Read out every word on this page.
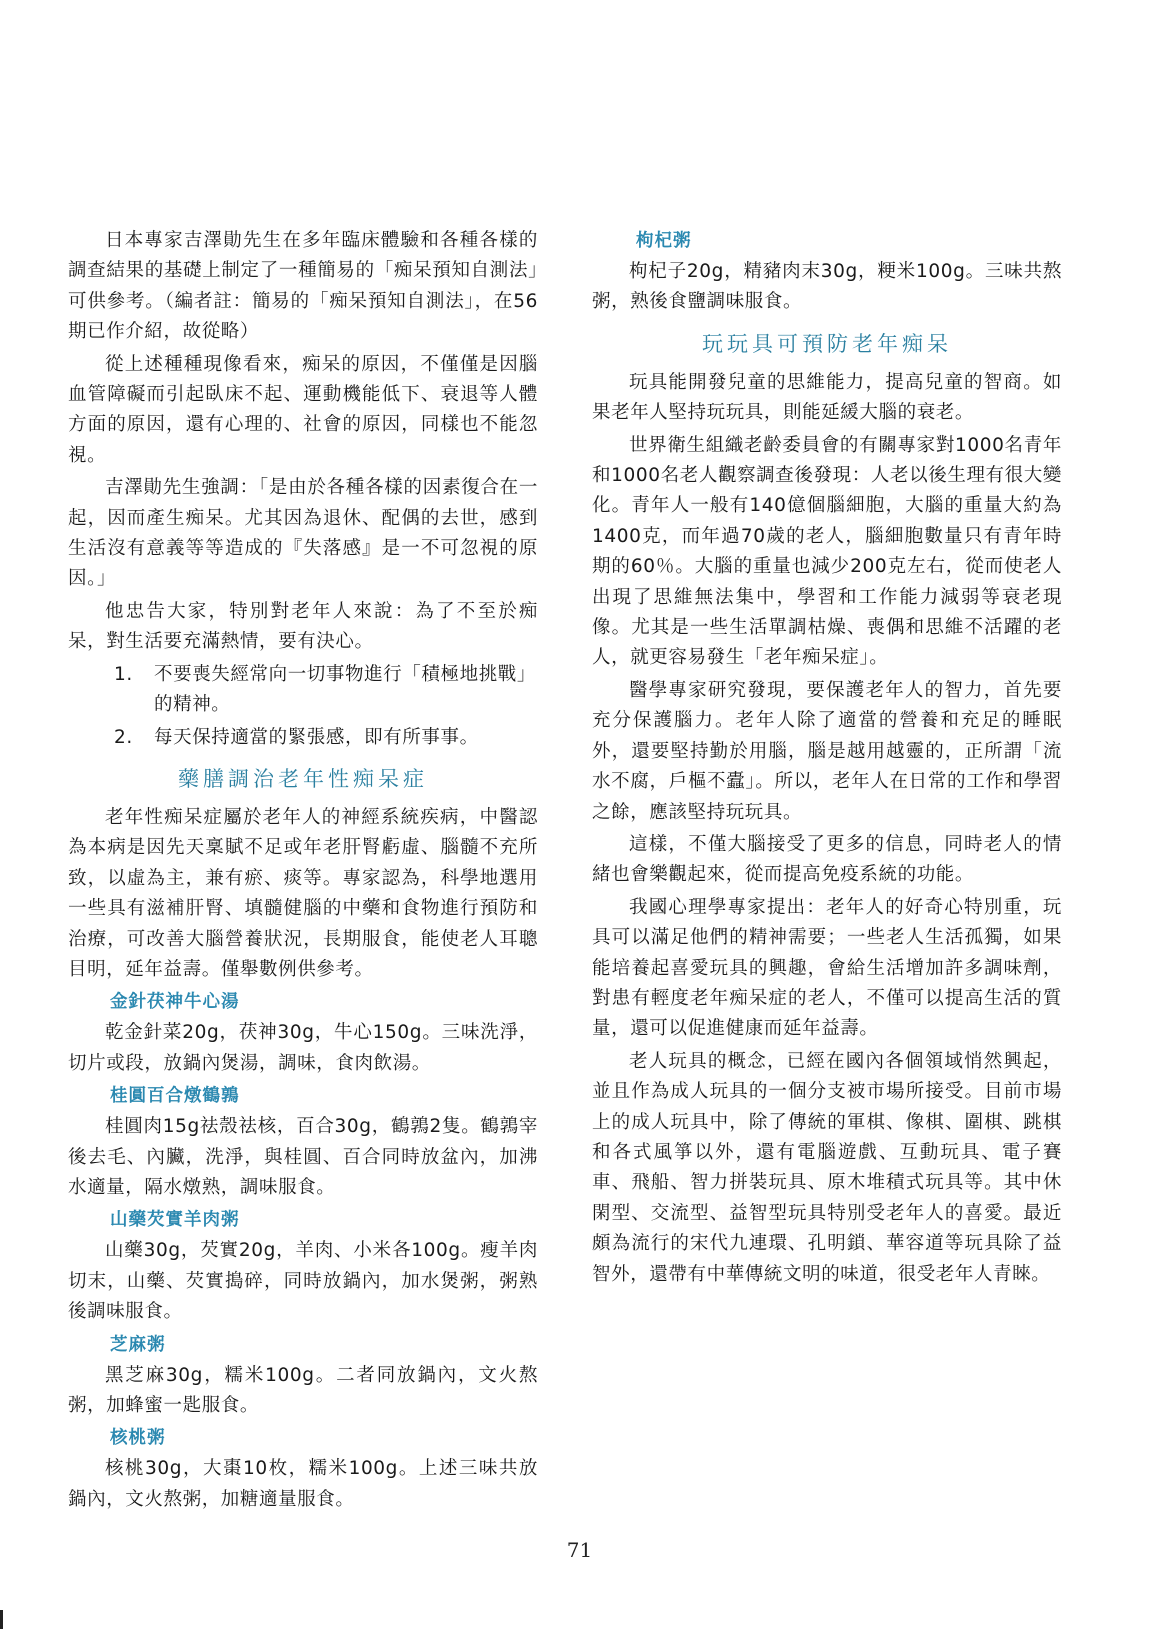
日本專家吉澤勛先生在多年臨床體驗和各種各樣的調查結果的基礎上制定了一種簡易的「痴呆預知自測法」可供參考。（編者註：簡易的「痴呆預知自測法」，在56期已作介紹，故從略）

從上述種種現像看來，痴呆的原因，不僅僅是因腦血管障礙而引起臥床不起、運動機能低下、衰退等人體方面的原因，還有心理的、社會的原因，同樣也不能忽視。

吉澤勛先生強調：「是由於各種各樣的因素復合在一起，因而產生痴呆。尤其因為退休、配偶的去世，感到生活沒有意義等等造成的『失落感』是一不可忽視的原因。」

他忠告大家，特別對老年人來說：為了不至於痴呆，對生活要充滿熱情，要有決心。

1.	不要喪失經常向一切事物進行「積極地挑戰」的精神。
2.	每天保持適當的緊張感，即有所事事。
藥膳調治老年性痴呆症

老年性痴呆症屬於老年人的神經系統疾病，中醫認為本病是因先天稟賦不足或年老肝腎虧虛、腦髓不充所致，以虛為主，兼有瘀、痰等。專家認為，科學地選用一些具有滋補肝腎、填髓健腦的中藥和食物進行預防和治療，可改善大腦營養狀況，長期服食，能使老人耳聰目明，延年益壽。僅舉數例供參考。

金針茯神牛心湯

乾金針菜20g，茯神30g，牛心150g。三味洗淨，切片或段，放鍋內煲湯，調味，食肉飲湯。

桂圓百合燉鶴鶉

桂圓肉15g祛殼祛核，百合30g，鶴鶉2隻。鶴鶉宰後去毛、內臟，洗淨，與桂圓、百合同時放盆內，加沸水適量，隔水燉熟，調味服食。

山藥芡實羊肉粥

山藥30g，芡實20g，羊肉、小米各100g。瘦羊肉切末，山藥、芡實搗碎，同時放鍋內，加水煲粥，粥熟後調味服食。

芝麻粥

黑芝麻30g，糯米100g。二者同放鍋內，文火熬粥，加蜂蜜一匙服食。

核桃粥

核桃30g，大棗10枚，糯米100g。上述三味共放鍋內，文火熬粥，加糖適量服食。

枸杞粥

枸杞子20g，精豬肉末30g，粳米100g。三味共熬粥，熟後食鹽調味服食。

玩玩具可預防老年痴呆

玩具能開發兒童的思維能力，提高兒童的智商。如果老年人堅持玩玩具，則能延緩大腦的衰老。

世界衛生組織老齡委員會的有關專家對1000名青年和1000名老人觀察調查後發現：人老以後生理有很大變化。青年人一般有140億個腦細胞，大腦的重量大約為1400克，而年過70歲的老人，腦細胞數量只有青年時期的60％。大腦的重量也減少200克左右，從而使老人出現了思維無法集中，學習和工作能力減弱等衰老現像。尤其是一些生活單調枯燥、喪偶和思維不活躍的老人，就更容易發生「老年痴呆症」。

醫學專家研究發現，要保護老年人的智力，首先要充分保護腦力。老年人除了適當的營養和充足的睡眠外，還要堅持勤於用腦，腦是越用越靈的，正所謂「流水不腐，戶樞不蠹」。所以，老年人在日常的工作和學習之餘，應該堅持玩玩具。

這樣，不僅大腦接受了更多的信息，同時老人的情緒也會樂觀起來，從而提高免疫系統的功能。

我國心理學專家提出：老年人的好奇心特別重，玩具可以滿足他們的精神需要；一些老人生活孤獨，如果能培養起喜愛玩具的興趣，會給生活增加許多調味劑，對患有輕度老年痴呆症的老人，不僅可以提高生活的質量，還可以促進健康而延年益壽。

老人玩具的概念，已經在國內各個領域悄然興起，並且作為成人玩具的一個分支被市場所接受。目前市場上的成人玩具中，除了傳統的軍棋、像棋、圍棋、跳棋和各式風箏以外，還有電腦遊戲、互動玩具、電子賽車、飛船、智力拼裝玩具、原木堆積式玩具等。其中休閑型、交流型、益智型玩具特別受老年人的喜愛。最近頗為流行的宋代九連環、孔明鎖、華容道等玩具除了益智外，還帶有中華傳統文明的味道，很受老年人青睞。

71
